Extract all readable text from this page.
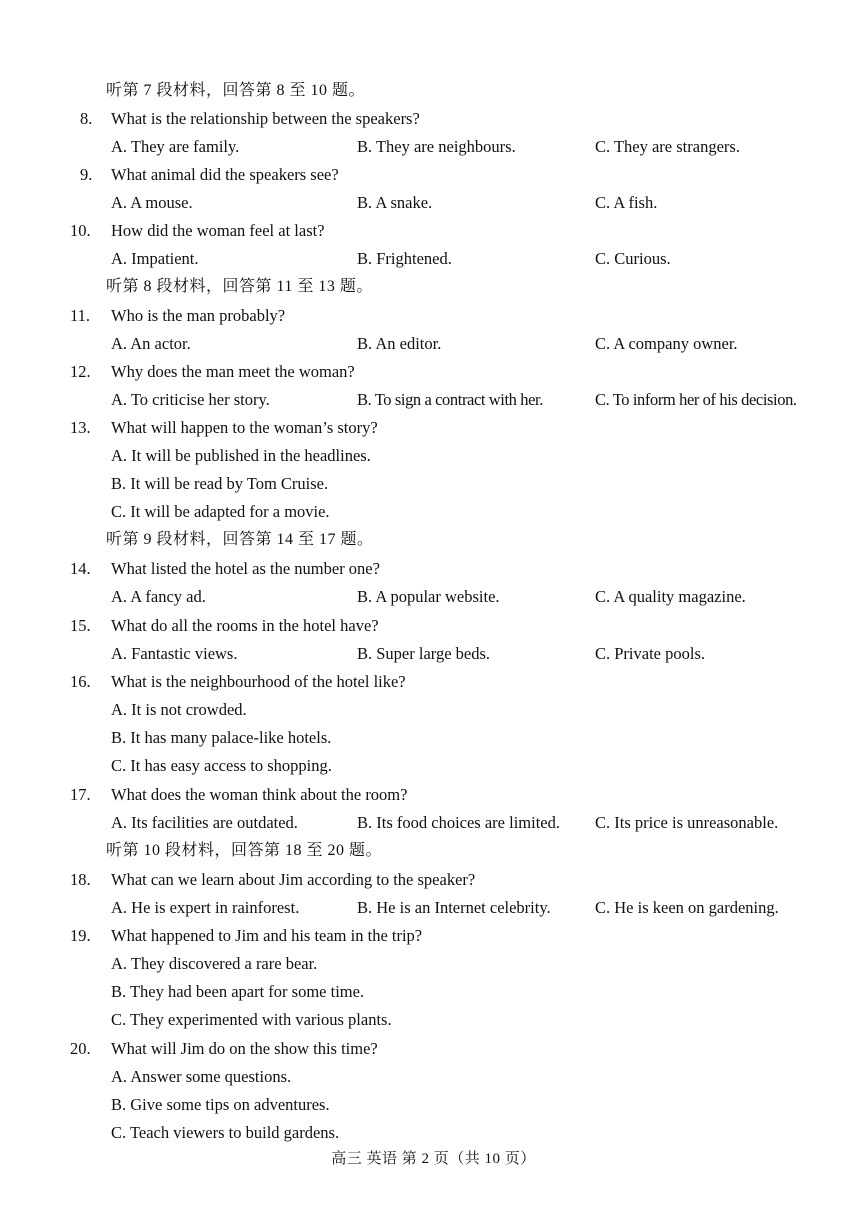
听第 7 段材料，回答第 8 至 10 题。
8.	What is the relationship between the speakers?
A. They are family.	B. They are neighbours.	C. They are strangers.
9.	What animal did the speakers see?
A. A mouse.	B. A snake.	C. A fish.
10.	How did the woman feel at last?
A. Impatient.	B. Frightened.	C. Curious.
听第 8 段材料，回答第 11 至 13 题。
11.	Who is the man probably?
A. An actor.	B. An editor.	C. A company owner.
12.	Why does the man meet the woman?
A. To criticise her story.	B. To sign a contract with her.	C. To inform her of his decision.
13.	What will happen to the woman’s story?
A. It will be published in the headlines.
B. It will be read by Tom Cruise.
C. It will be adapted for a movie.
听第 9 段材料，回答第 14 至 17 题。
14.	What listed the hotel as the number one?
A. A fancy ad.	B. A popular website.	C. A quality magazine.
15.	What do all the rooms in the hotel have?
A. Fantastic views.	B. Super large beds.	C. Private pools.
16.	What is the neighbourhood of the hotel like?
A. It is not crowded.
B. It has many palace-like hotels.
C. It has easy access to shopping.
17.	What does the woman think about the room?
A. Its facilities are outdated.	B. Its food choices are limited. C. Its price is unreasonable.
听第 10 段材料，回答第 18 至 20 题。
18.	What can we learn about Jim according to the speaker?
A. He is expert in rainforest.	B. He is an Internet celebrity.	C. He is keen on gardening.
19.	What happened to Jim and his team in the trip?
A. They discovered a rare bear.
B. They had been apart for some time.
C. They experimented with various plants.
20.	What will Jim do on the show this time?
A. Answer some questions.
B. Give some tips on adventures.
C. Teach viewers to build gardens.
高三 英语 第 2 页（共 10 页）
